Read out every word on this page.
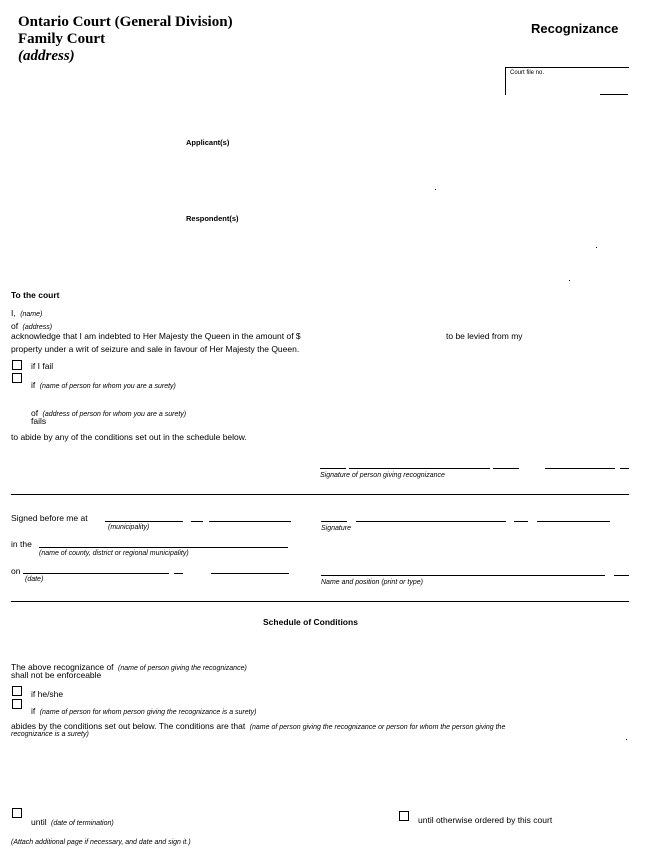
Ontario Court (General Division)
Family Court
(address)
Recognizance
Court file no.
Applicant(s)
Respondent(s)
To the court
I, (name)
of (address)
acknowledge that I am indebted to Her Majesty the Queen in the amount of $	to be levied from my
property under a writ of seizure and sale in favour of Her Majesty the Queen.
if I fail
if (name of person for whom you are a surety)
of (address of person for whom you are a surety)
fails
to abide by any of the conditions set out in the schedule below.
Signature of person giving recognizance
Signed before me at
(municipality)	Signature
in the
(name of county, district or regional municipality)
on
(date)	Name and position (print or type)
Schedule of Conditions
The above recognizance of (name of person giving the recognizance)
shall not be enforceable
if he/she
if (name of person for whom person giving the recognizance is a surety)
abides by the conditions set out below. The conditions are that (name of person giving the recognizance or person for whom the person giving the
recognizance is a surety)
until (date of termination)	until otherwise ordered by this court
(Attach additional page if necessary, and date and sign it.)
